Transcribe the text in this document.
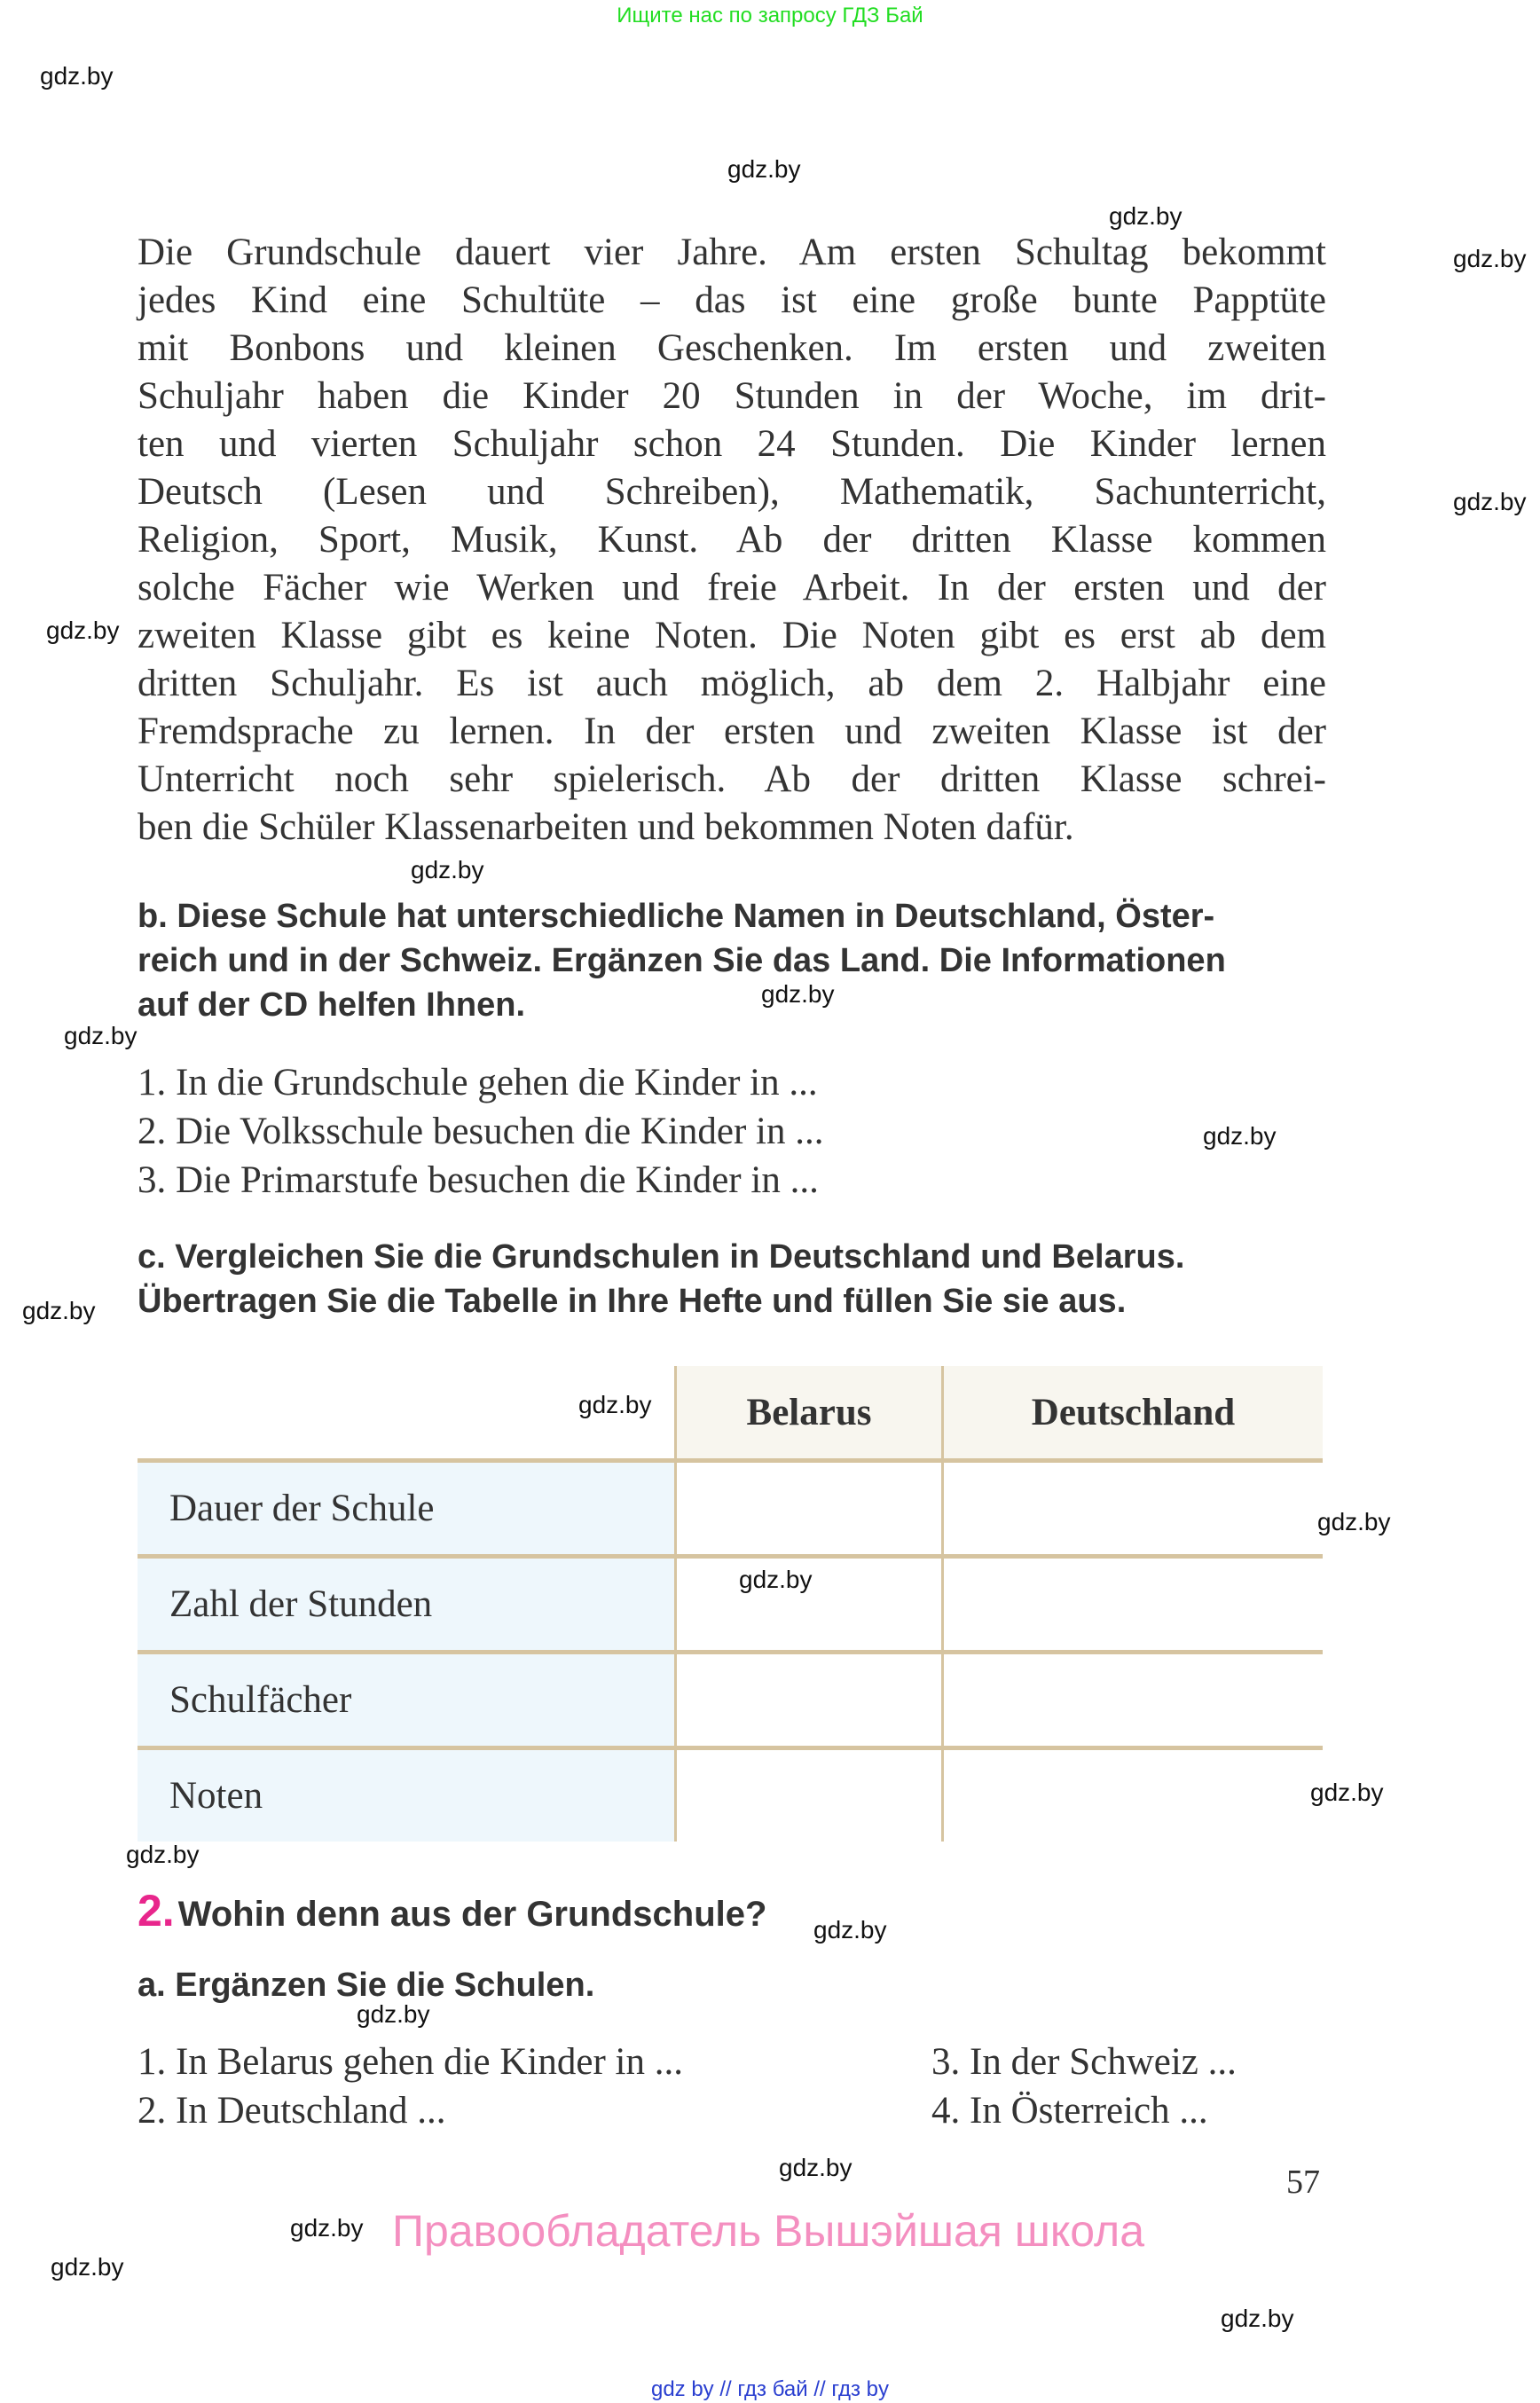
Ищите нас по запросу ГДЗ Бай
gdz.by
gdz.by
gdz.by
gdz.by
gdz.by
gdz.by
gdz.by
gdz.by
gdz.by
gdz.by
gdz.by
gdz.by
gdz.by
gdz.by
gdz.by
gdz.by
gdz.by
gdz.by
gdz.by
gdz.by
gdz.by
gdz.by
Die Grundschule dauert vier Jahre. Am ersten Schultag bekommt
jedes Kind eine Schultüte – das ist eine große bunte Papptüte
mit Bonbons und kleinen Geschenken. Im ersten und zweiten
Schuljahr haben die Kinder 20 Stunden in der Woche, im drit-
ten und vierten Schuljahr schon 24 Stunden. Die Kinder lernen
Deutsch (Lesen und Schreiben), Mathematik, Sachunterricht,
Religion, Sport, Musik, Kunst. Ab der dritten Klasse kommen
solche Fächer wie Werken und freie Arbeit. In der ersten und der
zweiten Klasse gibt es keine Noten. Die Noten gibt es erst ab dem
dritten Schuljahr. Es ist auch möglich, ab dem 2. Halbjahr eine
Fremdsprache zu lernen. In der ersten und zweiten Klasse ist der
Unterricht noch sehr spielerisch. Ab der dritten Klasse schrei-
ben die Schüler Klassenarbeiten und bekommen Noten dafür.
b. Diese Schule hat unterschiedliche Namen in Deutschland, Öster-
reich und in der Schweiz. Ergänzen Sie das Land. Die Informationen
auf der CD helfen Ihnen.
1. In die Grundschule gehen die Kinder in ...
2. Die Volksschule besuchen die Kinder in ...
3. Die Primarstufe besuchen die Kinder in ...
c. Vergleichen Sie die Grundschulen in Deutschland und Belarus.
Übertragen Sie die Tabelle in Ihre Hefte und füllen Sie sie aus.
	Belarus	Deutschland
Dauer der Schule		
Zahl der Stunden		
Schulfächer		
Noten		
2. Wohin denn aus der Grundschule?
a. Ergänzen Sie die Schulen.
1. In Belarus gehen die Kinder in ...
2. In Deutschland ...
3. In der Schweiz ...
4. In Österreich ...
57
Правообладатель Вышэйшая школа
gdz by // гдз бай // гдз by
